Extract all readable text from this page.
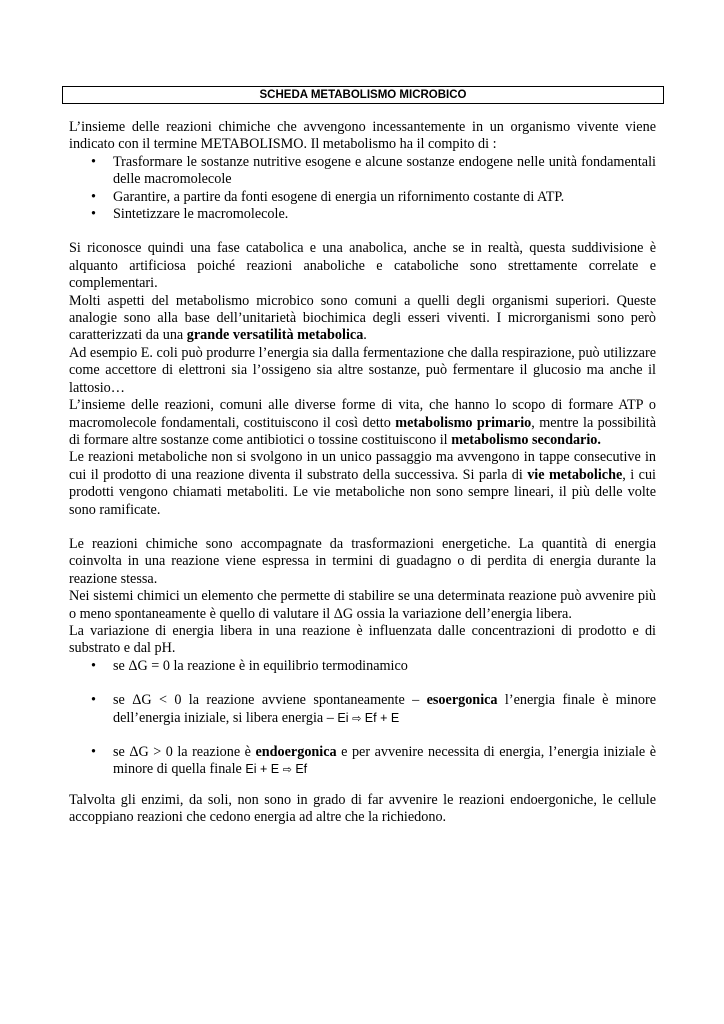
SCHEDA METABOLISMO MICROBICO

L’insieme delle reazioni chimiche che avvengono incessantemente in un organismo vivente viene indicato con il termine METABOLISMO. Il metabolismo ha il compito di :

• Trasformare le sostanze nutritive esogene e alcune sostanze endogene nelle unità fondamentali delle macromolecole
• Garantire, a partire da fonti esogene di energia un rifornimento costante di ATP.
• Sintetizzare le macromolecole.

Si riconosce quindi una fase catabolica e una anabolica, anche se in realtà, questa suddivisione è alquanto artificiosa poiché reazioni anaboliche e cataboliche sono strettamente correlate e complementari.

Molti aspetti del metabolismo microbico sono comuni a quelli degli organismi superiori. Queste analogie sono alla base dell’unitarietà biochimica degli esseri viventi. I microrganismi sono però caratterizzati da una grande versatilità metabolica.

Ad esempio E. coli può produrre l’energia sia dalla fermentazione che dalla respirazione, può utilizzare come accettore di elettroni sia l’ossigeno sia altre sostanze, può fermentare il glucosio ma anche il lattosio…

L’insieme delle reazioni, comuni alle diverse forme di vita, che hanno lo scopo di formare ATP o macromolecole fondamentali, costituiscono il così detto metabolismo primario, mentre la possibilità di formare altre sostanze come antibiotici o tossine costituiscono il metabolismo secondario.

Le reazioni metaboliche non si svolgono in un unico passaggio ma avvengono in tappe consecutive in cui il prodotto di una reazione diventa il substrato della successiva. Si parla di vie metaboliche, i cui prodotti vengono chiamati metaboliti. Le vie metaboliche non sono sempre lineari, il più delle volte sono ramificate.

Le reazioni chimiche sono accompagnate da trasformazioni energetiche. La quantità di energia coinvolta in una reazione viene espressa in termini di guadagno o di perdita di energia durante la reazione stessa.

Nei sistemi chimici un elemento che permette di stabilire se una determinata reazione può avvenire più o meno spontaneamente è quello di valutare il ΔG ossia la variazione dell’energia libera.

La variazione di energia libera in una reazione è influenzata dalle concentrazioni di prodotto e di substrato e dal pH.

• se ΔG = 0 la reazione è in equilibrio termodinamico
• se ΔG < 0 la reazione avviene spontaneamente – esoergonica l’energia finale è minore dell’energia iniziale, si libera energia – Ei ⇨ Ef + E
• se ΔG > 0 la reazione è endoergonica e per avvenire necessita di energia, l’energia iniziale è minore di quella finale Ei + E ⇨ Ef

Talvolta gli enzimi, da soli, non sono in grado di far avvenire le reazioni endoergoniche, le cellule accoppiano reazioni che cedono energia ad altre che la richiedono.
